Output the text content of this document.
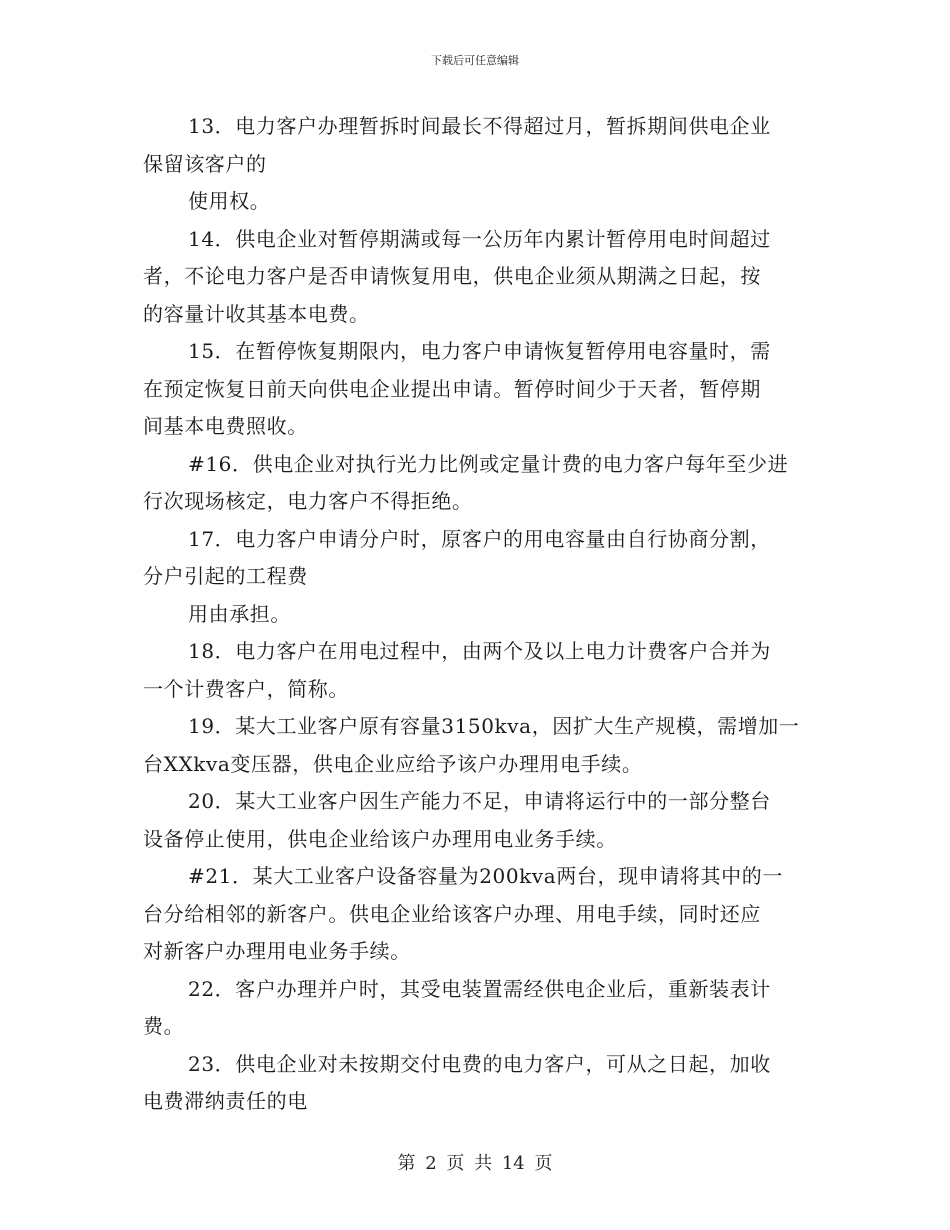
下载后可任意编辑
13．电力客户办理暂拆时间最长不得超过月，暂拆期间供电企业
保留该客户的
使用权。
14．供电企业对暂停期满或每一公历年内累计暂停用电时间超过
者，不论电力客户是否申请恢复用电，供电企业须从期满之日起，按
的容量计收其基本电费。
15．在暂停恢复期限内，电力客户申请恢复暂停用电容量时，需
在预定恢复日前天向供电企业提出申请。暂停时间少于天者，暂停期
间基本电费照收。
#16．供电企业对执行光力比例或定量计费的电力客户每年至少进
行次现场核定，电力客户不得拒绝。
17．电力客户申请分户时，原客户的用电容量由自行协商分割，
分户引起的工程费
用由承担。
18．电力客户在用电过程中，由两个及以上电力计费客户合并为
一个计费客户，简称。
19．某大工业客户原有容量3150kva，因扩大生产规模，需增加一
台XXkva变压器，供电企业应给予该户办理用电手续。
20．某大工业客户因生产能力不足，申请将运行中的一部分整台
设备停止使用，供电企业给该户办理用电业务手续。
#21．某大工业客户设备容量为200kva两台，现申请将其中的一
台分给相邻的新客户。供电企业给该客户办理、用电手续，同时还应
对新客户办理用电业务手续。
22．客户办理并户时，其受电装置需经供电企业后，重新装表计
费。
23．供电企业对未按期交付电费的电力客户，可从之日起，加收
电费滞纳责任的电
第 2 页 共 14 页
